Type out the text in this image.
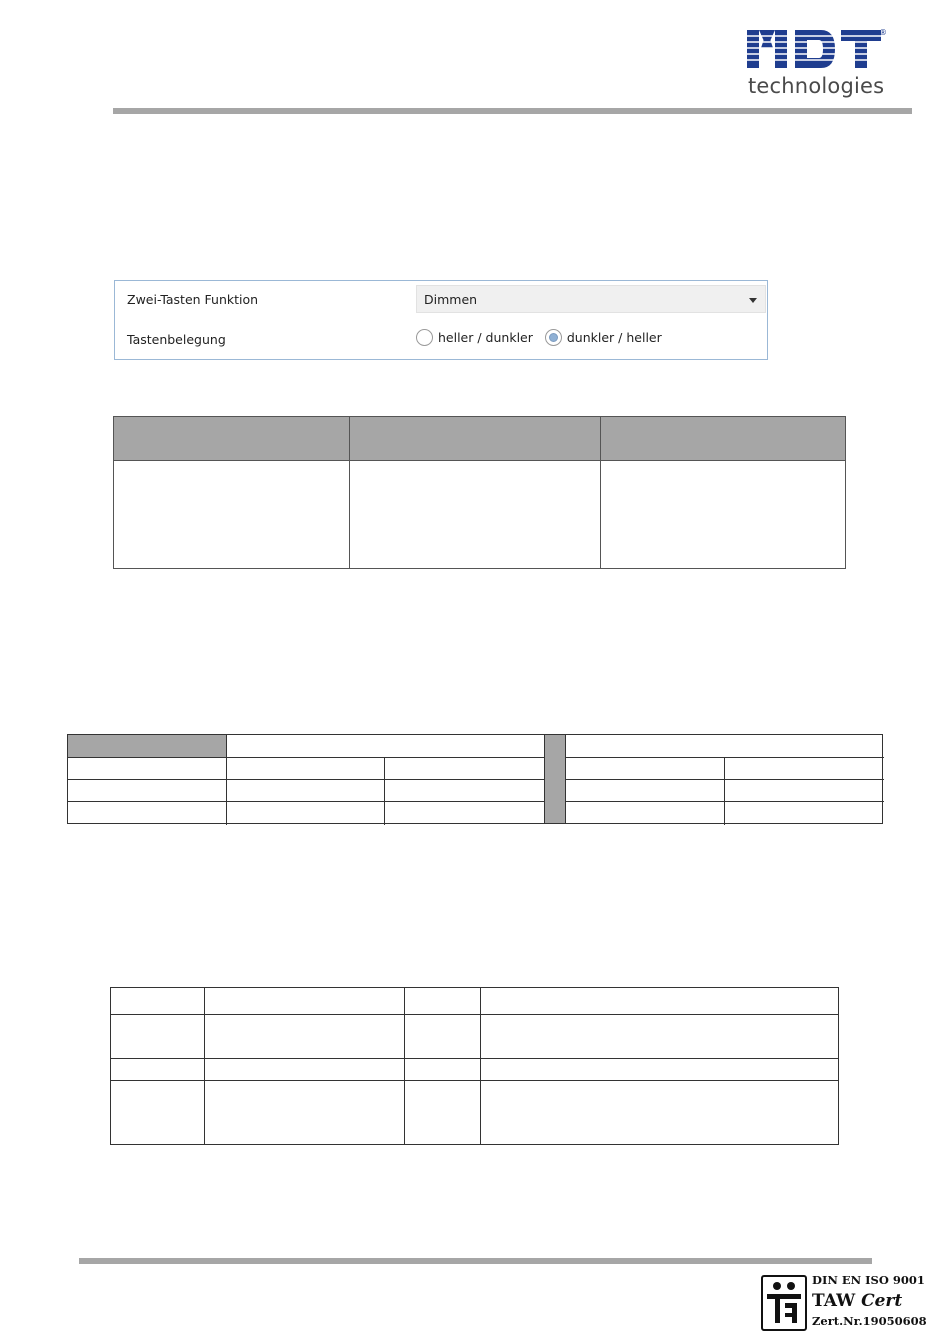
®
technologies
Zwei-Tasten Funktion	Dimmen
Tastenbelegung	heller / dunkler	dunkler / heller
DIN EN ISO 9001
TAW Cert
Zert.Nr.19050608
